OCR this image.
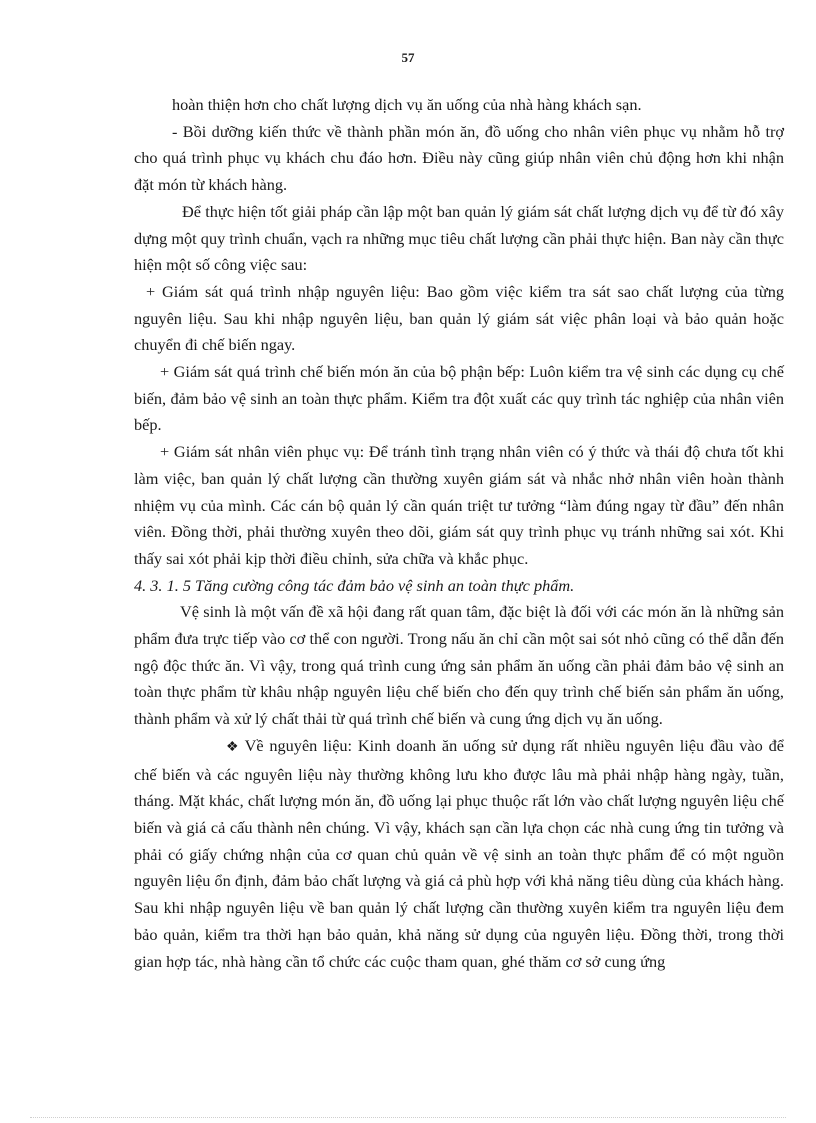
57

hoàn thiện hơn cho chất lượng dịch vụ ăn uống của nhà hàng khách sạn.

- Bồi dưỡng kiến thức về thành phần món ăn, đồ uống cho nhân viên phục vụ nhằm hỗ trợ cho quá trình phục vụ khách chu đáo hơn. Điều này cũng giúp nhân viên chủ động hơn khi nhận đặt món từ khách hàng.

Để thực hiện tốt giải pháp cần lập một ban quản lý giám sát chất lượng dịch vụ để từ đó xây dựng một quy trình chuẩn, vạch ra những mục tiêu chất lượng cần phải thực hiện. Ban này cần thực hiện một số công việc sau:

+ Giám sát quá trình nhập nguyên liệu: Bao gồm việc kiểm tra sát sao chất lượng của từng nguyên liệu. Sau khi nhập nguyên liệu, ban quản lý giám sát việc phân loại và bảo quản hoặc chuyển đi chế biến ngay.

+ Giám sát quá trình chế biến món ăn của bộ phận bếp: Luôn kiểm tra vệ sinh các dụng cụ chế biến, đảm bảo vệ sinh an toàn thực phẩm. Kiểm tra đột xuất các quy trình tác nghiệp của nhân viên bếp.

+ Giám sát nhân viên phục vụ: Để tránh tình trạng nhân viên có ý thức và thái độ chưa tốt khi làm việc, ban quản lý chất lượng cần thường xuyên giám sát và nhắc nhở nhân viên hoàn thành nhiệm vụ của mình. Các cán bộ quản lý cần quán triệt tư tưởng “làm đúng ngay từ đầu” đến nhân viên. Đồng thời, phải thường xuyên theo dõi, giám sát quy trình phục vụ tránh những sai xót. Khi thấy sai xót phải kịp thời điều chỉnh, sửa chữa và khắc phục.

4. 3. 1. 5 Tăng cường công tác đảm bảo vệ sinh an toàn thực phẩm.

Vệ sinh là một vấn đề xã hội đang rất quan tâm, đặc biệt là đối với các món ăn là những sản phẩm đưa trực tiếp vào cơ thể con người. Trong nấu ăn chỉ cần một sai sót nhỏ cũng có thể dẫn đến ngộ độc thức ăn. Vì vậy, trong quá trình cung ứng sản phẩm ăn uống cần phải đảm bảo vệ sinh an toàn thực phẩm từ khâu nhập nguyên liệu chế biến cho đến quy trình chế biến sản phẩm ăn uống, thành phẩm và xử lý chất thải từ quá trình chế biến và cung ứng dịch vụ ăn uống.

❖ Về nguyên liệu: Kinh doanh ăn uống sử dụng rất nhiều nguyên liệu đầu vào để chế biến và các nguyên liệu này thường không lưu kho được lâu mà phải nhập hàng ngày, tuần, tháng. Mặt khác, chất lượng món ăn, đồ uống lại phục thuộc rất lớn vào chất lượng nguyên liệu chế biến và giá cả cấu thành nên chúng. Vì vậy, khách sạn cần lựa chọn các nhà cung ứng tin tưởng và phải có giấy chứng nhận của cơ quan chủ quản về vệ sinh an toàn thực phẩm để có một nguồn nguyên liệu ổn định, đảm bảo chất lượng và giá cả phù hợp với khả năng tiêu dùng của khách hàng. Sau khi nhập nguyên liệu về ban quản lý chất lượng cần thường xuyên kiểm tra nguyên liệu đem bảo quản, kiểm tra thời hạn bảo quản, khả năng sử dụng của nguyên liệu. Đồng thời, trong thời gian hợp tác, nhà hàng cần tổ chức các cuộc tham quan, ghé thăm cơ sở cung ứng
